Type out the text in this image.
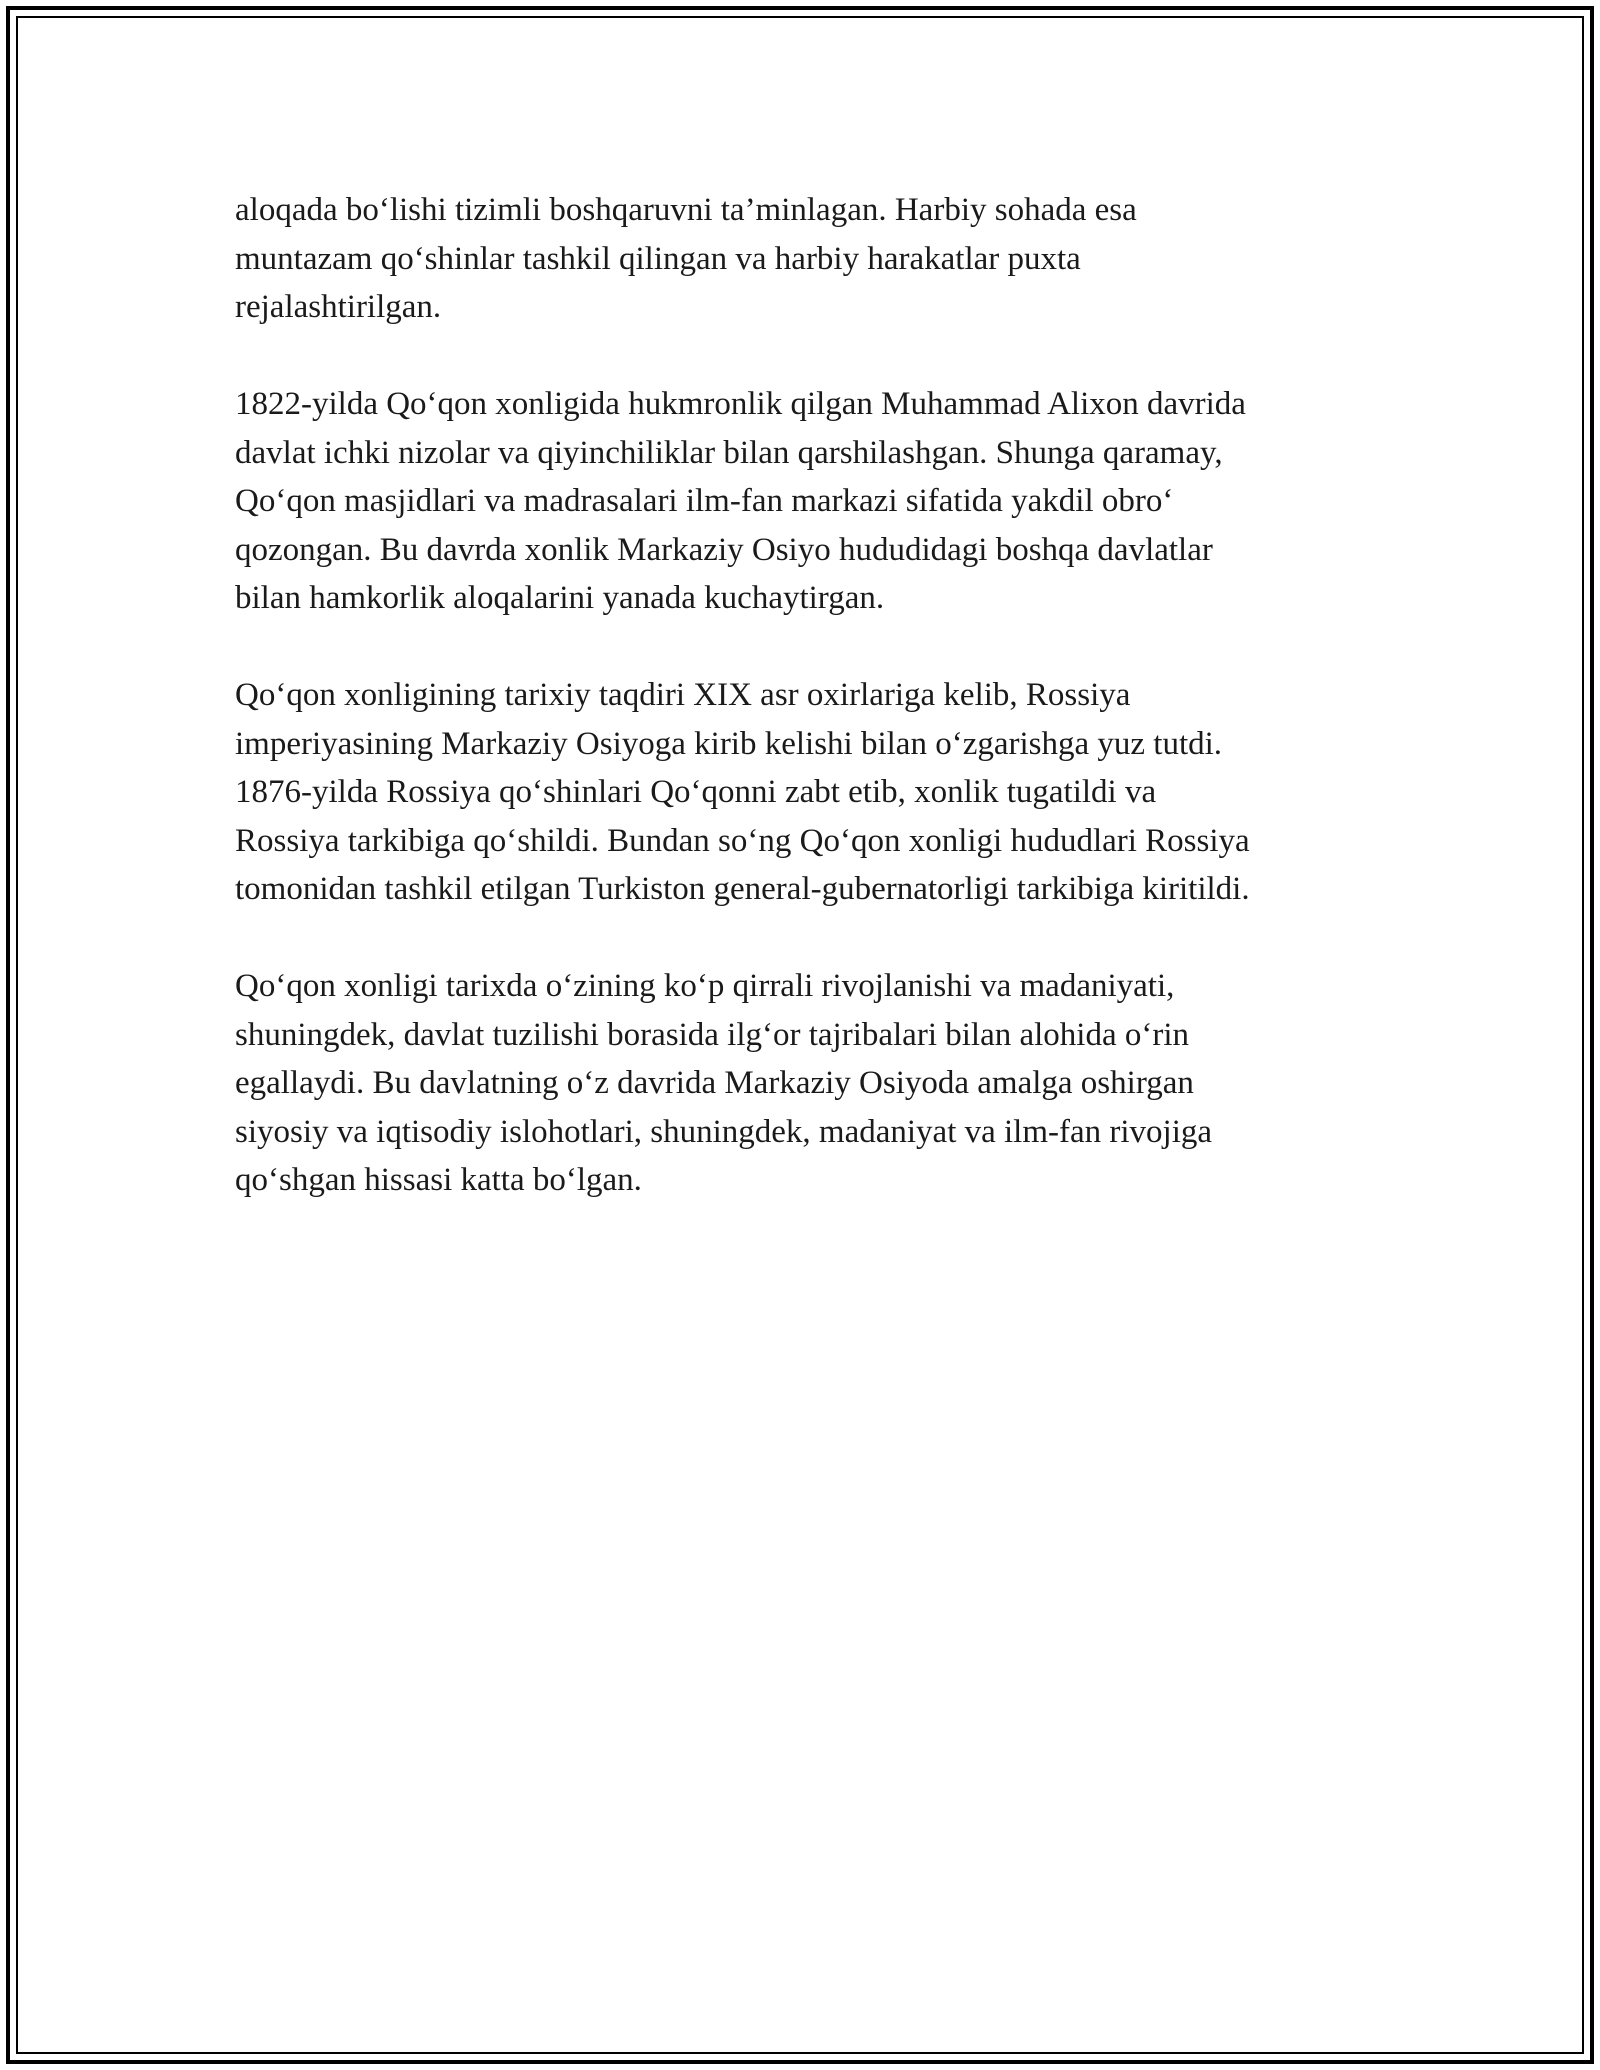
aloqada bo‘lishi tizimli boshqaruvni ta’minlagan. Harbiy sohada esa
muntazam qo‘shinlar tashkil qilingan va harbiy harakatlar puxta
rejalashtirilgan.

1822-yilda Qo‘qon xonligida hukmronlik qilgan Muhammad Alixon davrida
davlat ichki nizolar va qiyinchiliklar bilan qarshilashgan. Shunga qaramay,
Qo‘qon masjidlari va madrasalari ilm-fan markazi sifatida yakdil obro‘
qozongan. Bu davrda xonlik Markaziy Osiyo hududidagi boshqa davlatlar
bilan hamkorlik aloqalarini yanada kuchaytirgan.

Qo‘qon xonligining tarixiy taqdiri XIX asr oxirlariga kelib, Rossiya
imperiyasining Markaziy Osiyoga kirib kelishi bilan o‘zgarishga yuz tutdi.
1876-yilda Rossiya qo‘shinlari Qo‘qonni zabt etib, xonlik tugatildi va
Rossiya tarkibiga qo‘shildi. Bundan so‘ng Qo‘qon xonligi hududlari Rossiya
tomonidan tashkil etilgan Turkiston general-gubernatorligi tarkibiga kiritildi.

Qo‘qon xonligi tarixda o‘zining ko‘p qirrali rivojlanishi va madaniyati,
shuningdek, davlat tuzilishi borasida ilg‘or tajribalari bilan alohida o‘rin
egallaydi. Bu davlatning o‘z davrida Markaziy Osiyoda amalga oshirgan
siyosiy va iqtisodiy islohotlari, shuningdek, madaniyat va ilm-fan rivojiga
qo‘shgan hissasi katta bo‘lgan.
